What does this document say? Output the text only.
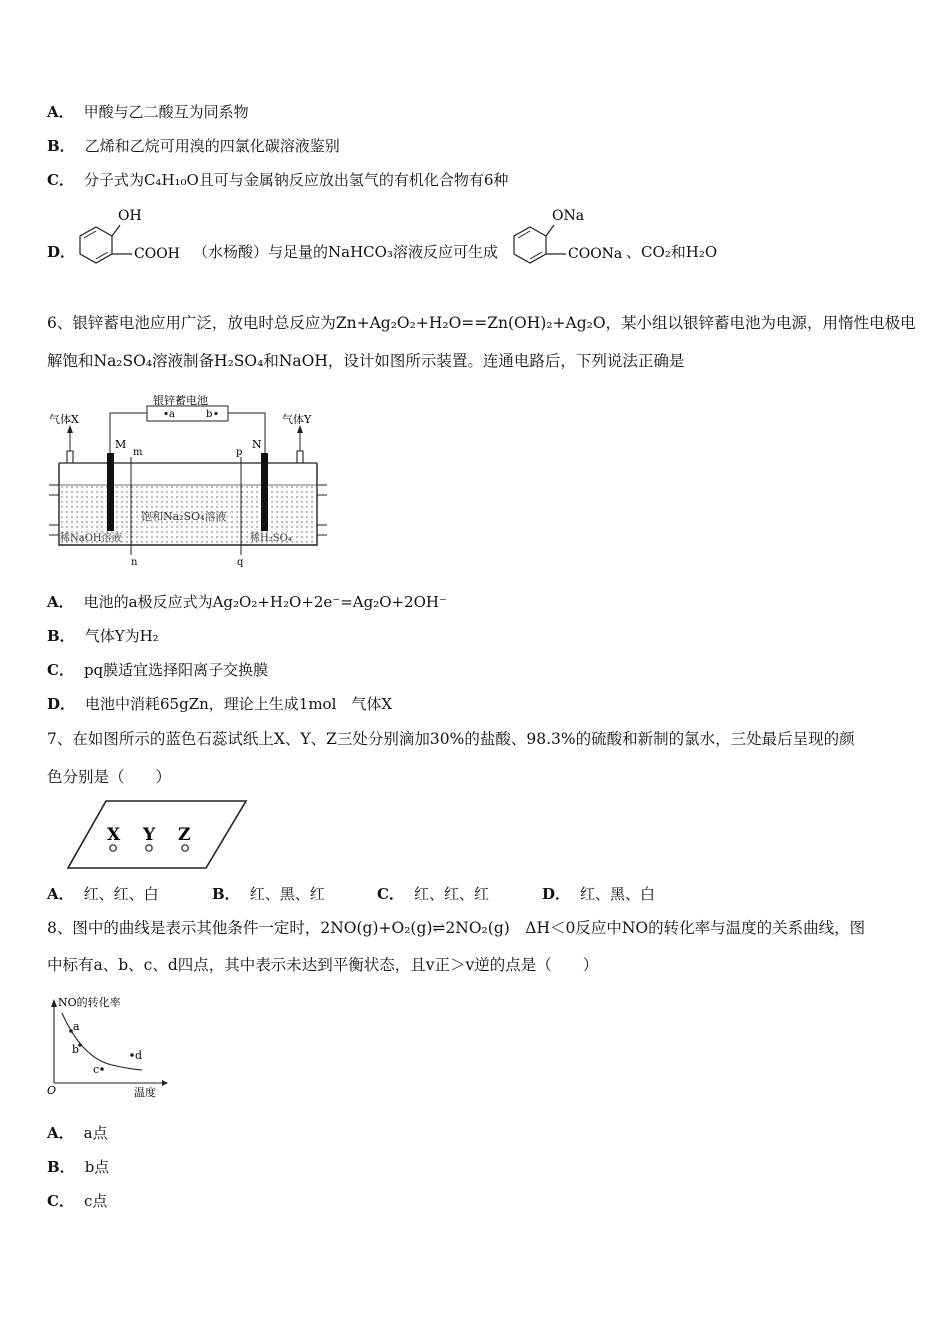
A． 甲酸与乙二酸互为同系物
B． 乙烯和乙烷可用溴的四氯化碳溶液鉴别
C． 分子式为C₄H₁₀O且可与金属钠反应放出氢气的有机化合物有6种
D．
OH
COOH （水杨酸）与足量的NaHCO₃溶液反应可生成
ONa
COONa 、CO₂和H₂O
6、银锌蓄电池应用广泛，放电时总反应为Zn+Ag₂O₂+H₂O==Zn(OH)₂+Ag₂O，某小组以银锌蓄电池为电源，用惰性电极电
解饱和Na₂SO₄溶液制备H₂SO₄和NaOH，设计如图所示装置。连通电路后，下列说法正确是
银锌蓄电池
a	b
气体X	气体Y
M	N
m	p
n	q
饱和Na₂SO₄溶液
稀NaOH溶液	稀H₂SO₄
A． 电池的a极反应式为Ag₂O₂+H₂O+2e⁻=Ag₂O+2OH⁻
B． 气体Y为H₂
C． pq膜适宜选择阳离子交换膜
D． 电池中消耗65gZn，理论上生成1mol　气体X
7、在如图所示的蓝色石蕊试纸上X、Y、Z三处分别滴加30%的盐酸、98.3%的硫酸和新制的氯水，三处最后呈现的颜
色分别是（　　）
X Y Z
A． 红、红、白	B． 红、黑、红	C． 红、红、红	D． 红、黑、白
8、图中的曲线是表示其他条件一定时，2NO(g)+O₂(g)⇌2NO₂(g)　ΔH＜0反应中NO的转化率与温度的关系曲线，图
中标有a、b、c、d四点，其中表示未达到平衡状态，且v正＞v逆的点是（　　）
NO的转化率
温度
O
a
b
c
d
A． a点
B． b点
C． c点
